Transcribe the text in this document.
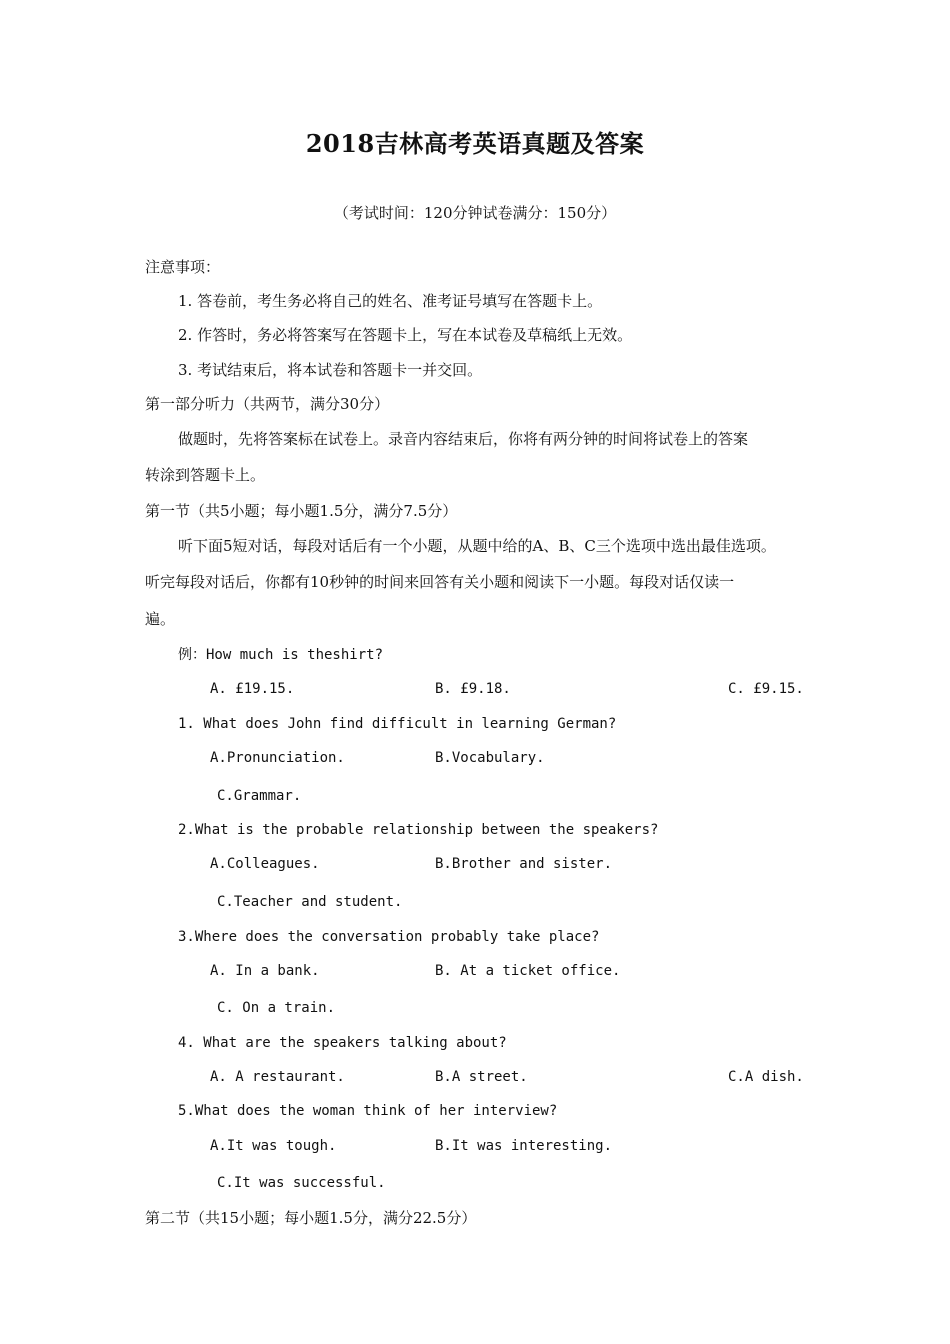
2018吉林高考英语真题及答案
（考试时间：120分钟试卷满分：150分）
注意事项：
1. 答卷前，考生务必将自己的姓名、准考证号填写在答题卡上。
2. 作答时，务必将答案写在答题卡上，写在本试卷及草稿纸上无效。
3. 考试结束后，将本试卷和答题卡一并交回。
第一部分听力（共两节，满分30分）
做题时，先将答案标在试卷上。录音内容结束后，你将有两分钟的时间将试卷上的答案
转涂到答题卡上。
第一节（共5小题；每小题1.5分，满分7.5分）
听下面5短对话，每段对话后有一个小题，从题中给的A、B、C三个选项中选出最佳选项。
听完每段对话后，你都有10秒钟的时间来回答有关小题和阅读下一小题。每段对话仅读一
遍。
例：How much is theshirt?
A. £19.15.	B. £9.18.	C. £9.15.
1. What does John find difficult in learning German?
A.Pronunciation.	B.Vocabulary.
C.Grammar.
2.What is the probable relationship between the speakers?
A.Colleagues.	B.Brother and sister.
C.Teacher and student.
3.Where does the conversation probably take place?
A. In a bank.	B. At a ticket office.
C. On a train.
4. What are the speakers talking about?
A. A restaurant.	B.A street.	C.A dish.
5.What does the woman think of her interview?
A.It was tough.	B.It was interesting.
C.It was successful.
第二节（共15小题；每小题1.5分，满分22.5分）
